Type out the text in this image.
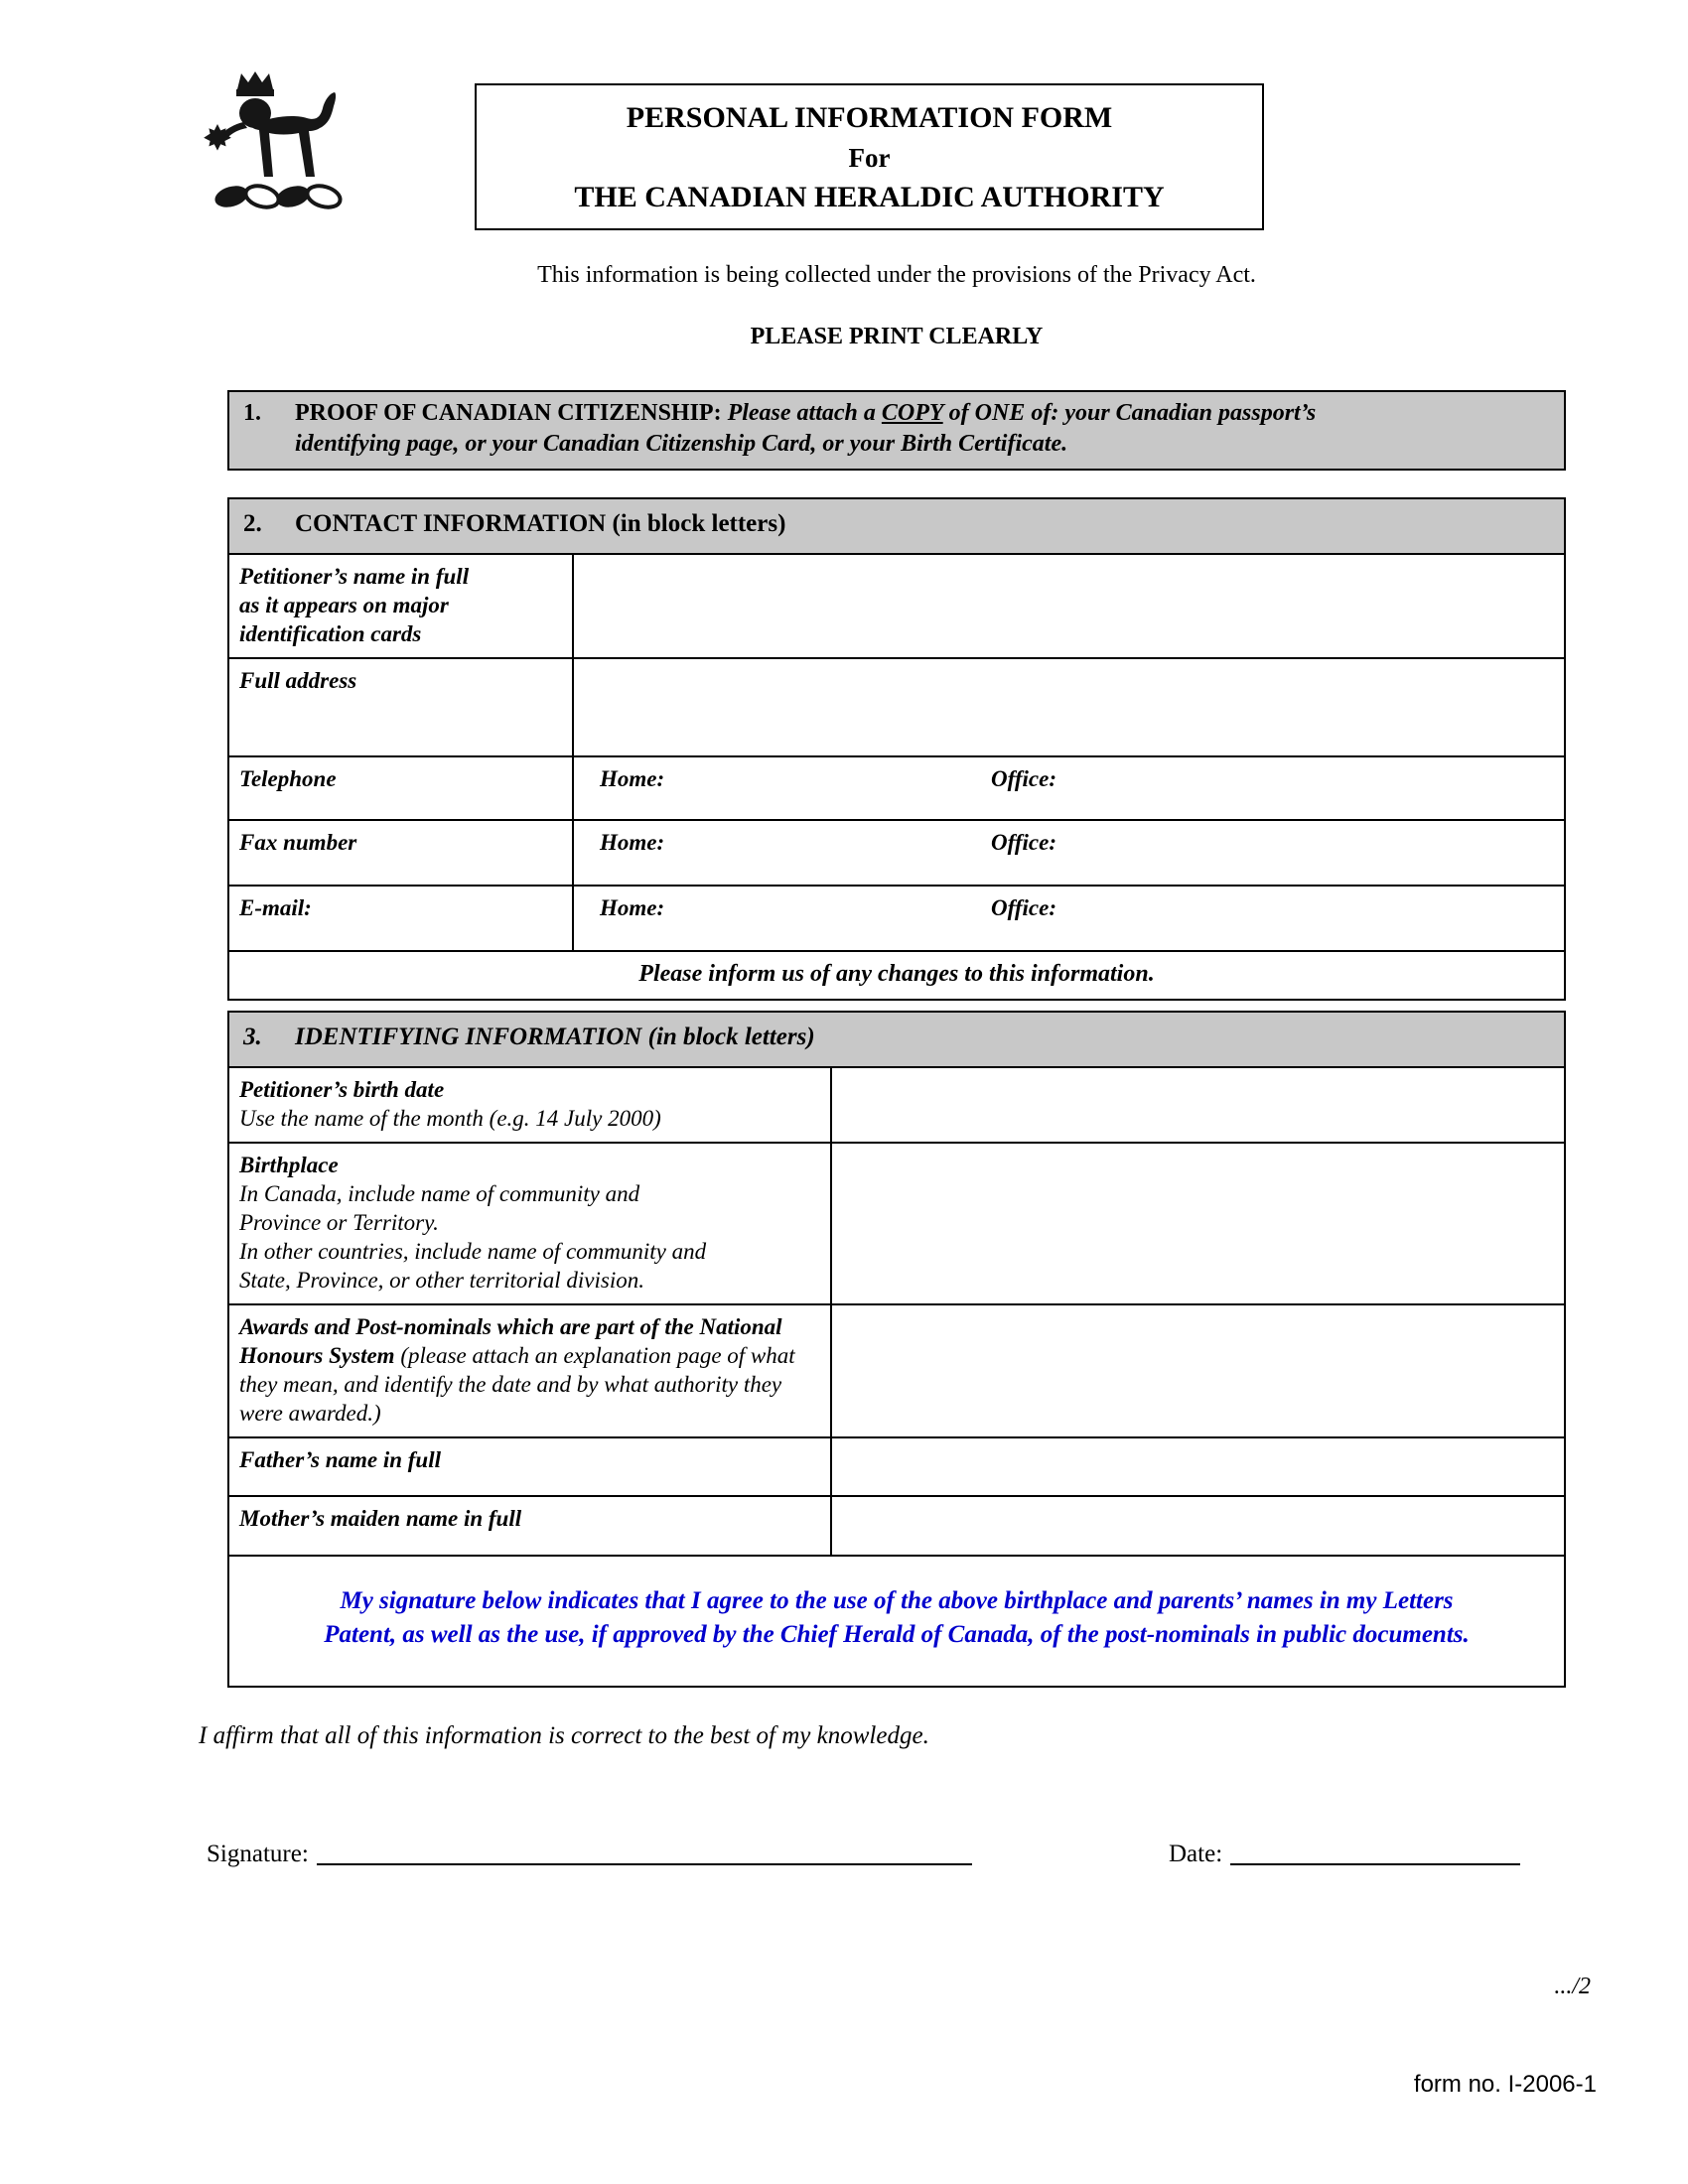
PERSONAL INFORMATION FORM
For
THE CANADIAN HERALDIC AUTHORITY
This information is being collected under the provisions of the Privacy Act.
PLEASE PRINT CLEARLY
1. PROOF OF CANADIAN CITIZENSHIP: Please attach a COPY of ONE of: your Canadian passport’s
identifying page, or your Canadian Citizenship Card, or your Birth Certificate.
2. CONTACT INFORMATION (in block letters)
Petitioner’s name in full
as it appears on major
identification cards
Full address
Telephone	Home:	Office:
Fax number	Home:	Office:
E-mail:	Home:	Office:
Please inform us of any changes to this information.
3. IDENTIFYING INFORMATION (in block letters)
Petitioner’s birth date
Use the name of the month (e.g. 14 July 2000)
Birthplace
In Canada, include name of community and
Province or Territory.
In other countries, include name of community and
State, Province, or other territorial division.
Awards and Post-nominals which are part of the National Honours System (please attach an explanation page of what they mean, and identify the date and by what authority they were awarded.)
Father’s name in full
Mother’s maiden name in full
My signature below indicates that I agree to the use of the above birthplace and parents’ names in my Letters Patent, as well as the use, if approved by the Chief Herald of Canada, of the post-nominals in public documents.
I affirm that all of this information is correct to the best of my knowledge.
Signature:	Date:
.../2
form no. I-2006-1
